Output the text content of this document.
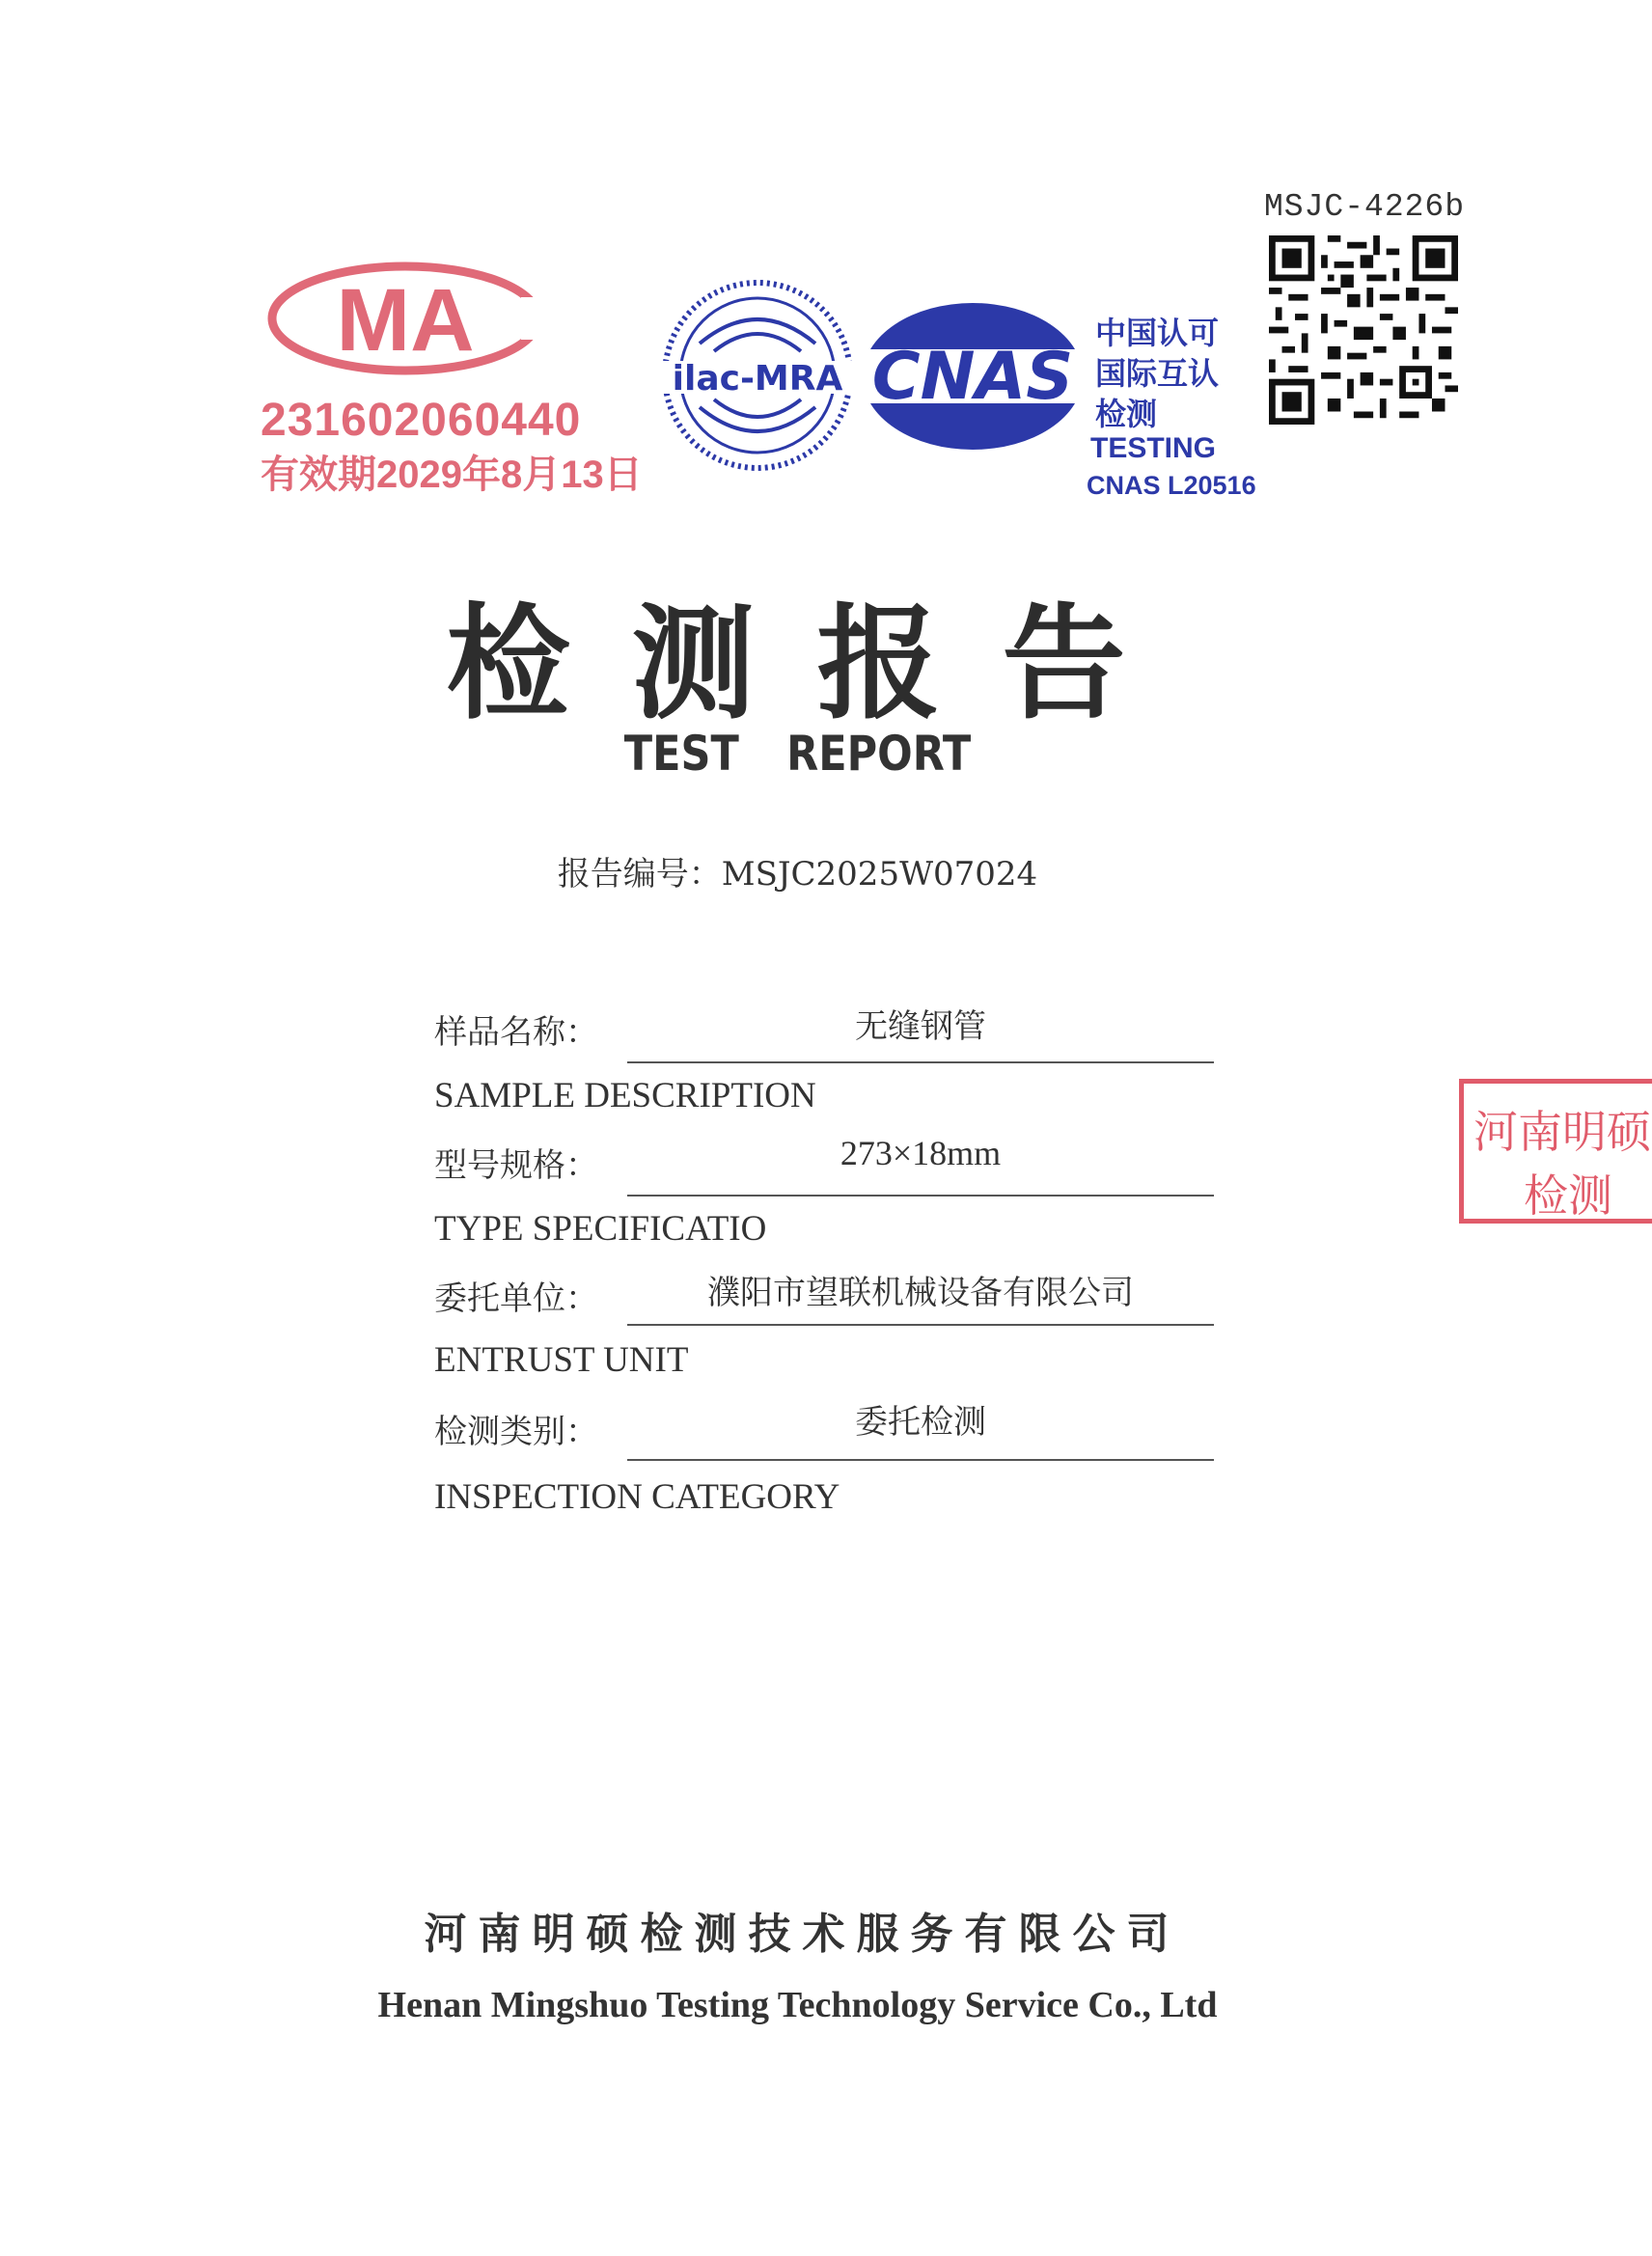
MSJC-4226b
MA
231602060440
有效期2029年8月13日
ilac-MRA CNAS
中国认可
国际互认
检测
TESTING
CNAS L20516
检测报告
TEST REPORT
报告编号：MSJC2025W07024
样品名称：	无缝钢管
SAMPLE DESCRIPTION
型号规格：	273×18mm
TYPE SPECIFICATIO
委托单位：	濮阳市望联机械设备有限公司
ENTRUST UNIT
检测类别：	委托检测
INSPECTION CATEGORY
河南明硕
检测
河南明硕检测技术服务有限公司
Henan Mingshuo Testing Technology Service Co., Ltd
